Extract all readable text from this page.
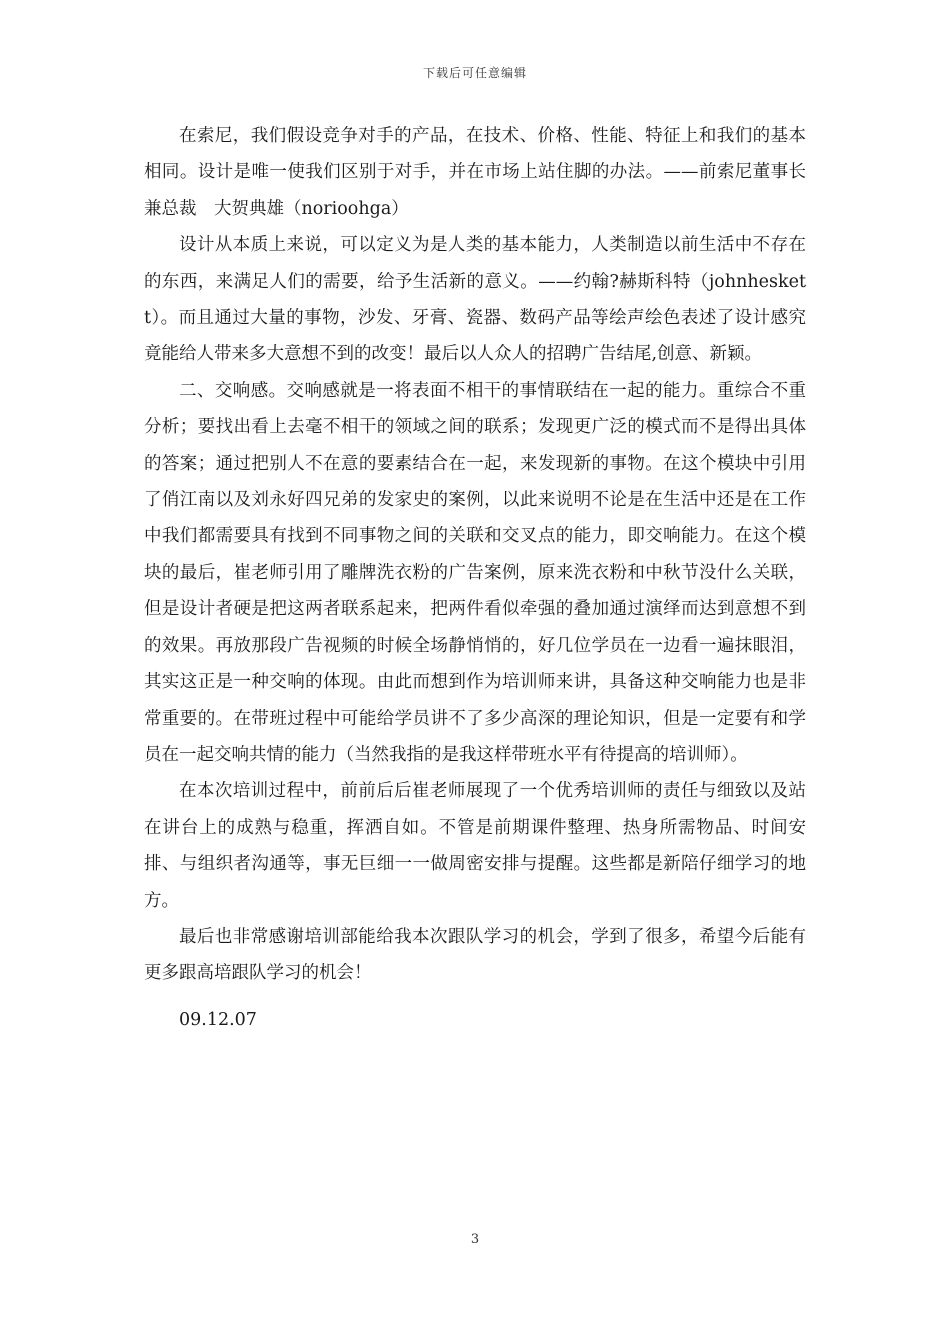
下载后可任意编辑

在索尼，我们假设竞争对手的产品，在技术、价格、性能、特征上和我们的基本相同。设计是唯一使我们区别于对手，并在市场上站住脚的办法。——前索尼董事长兼总裁　大贺典雄（norioohga）

设计从本质上来说，可以定义为是人类的基本能力，人类制造以前生活中不存在的东西，来满足人们的需要，给予生活新的意义。——约翰?赫斯科特（johnheskett）。而且通过大量的事物，沙发、牙膏、瓷器、数码产品等绘声绘色表述了设计感究竟能给人带来多大意想不到的改变！最后以人众人的招聘广告结尾,创意、新颖。

二、交响感。交响感就是一将表面不相干的事情联结在一起的能力。重综合不重分析；要找出看上去毫不相干的领域之间的联系；发现更广泛的模式而不是得出具体的答案；通过把别人不在意的要素结合在一起，来发现新的事物。在这个模块中引用了俏江南以及刘永好四兄弟的发家史的案例，以此来说明不论是在生活中还是在工作中我们都需要具有找到不同事物之间的关联和交叉点的能力，即交响能力。在这个模块的最后，崔老师引用了雕牌洗衣粉的广告案例，原来洗衣粉和中秋节没什么关联，但是设计者硬是把这两者联系起来，把两件看似牵强的叠加通过演绎而达到意想不到的效果。再放那段广告视频的时候全场静悄悄的，好几位学员在一边看一遍抹眼泪，其实这正是一种交响的体现。由此而想到作为培训师来讲，具备这种交响能力也是非常重要的。在带班过程中可能给学员讲不了多少高深的理论知识，但是一定要有和学员在一起交响共情的能力（当然我指的是我这样带班水平有待提高的培训师）。

在本次培训过程中，前前后后崔老师展现了一个优秀培训师的责任与细致以及站在讲台上的成熟与稳重，挥洒自如。不管是前期课件整理、热身所需物品、时间安排、与组织者沟通等，事无巨细一一做周密安排与提醒。这些都是新陪仔细学习的地方。

最后也非常感谢培训部能给我本次跟队学习的机会，学到了很多，希望今后能有更多跟高培跟队学习的机会！

09.12.07

3
